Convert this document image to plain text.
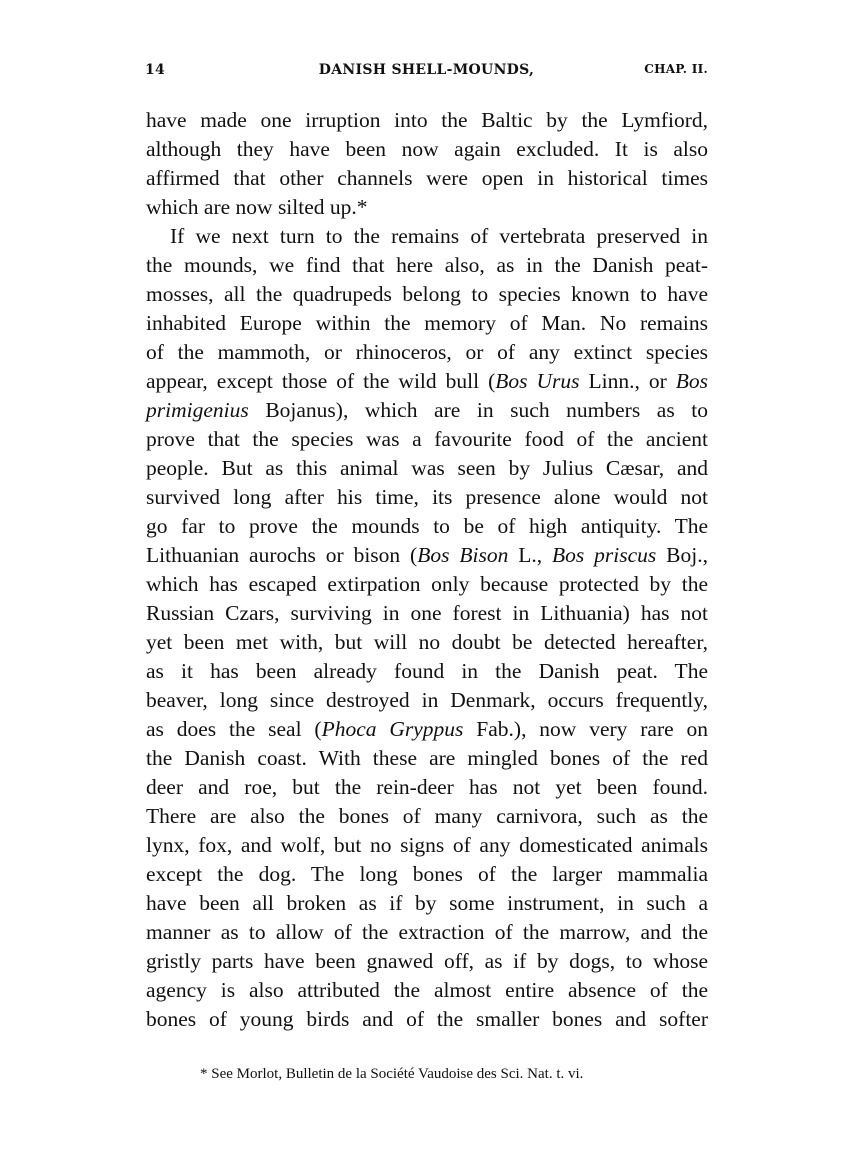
14	DANISH SHELL-MOUNDS,	CHAP. II.
have made one irruption into the Baltic by the Lymfiord,
although they have been now again excluded. It is also
affirmed that other channels were open in historical times
which are now silted up.*
If we next turn to the remains of vertebrata preserved in
the mounds, we find that here also, as in the Danish peat-
mosses, all the quadrupeds belong to species known to have
inhabited Europe within the memory of Man. No remains
of the mammoth, or rhinoceros, or of any extinct species
appear, except those of the wild bull (Bos Urus Linn., or Bos
primigenius Bojanus), which are in such numbers as to
prove that the species was a favourite food of the ancient
people. But as this animal was seen by Julius Cæsar, and
survived long after his time, its presence alone would not
go far to prove the mounds to be of high antiquity. The
Lithuanian aurochs or bison (Bos Bison L., Bos priscus Boj.,
which has escaped extirpation only because protected by the
Russian Czars, surviving in one forest in Lithuania) has not
yet been met with, but will no doubt be detected hereafter,
as it has been already found in the Danish peat. The
beaver, long since destroyed in Denmark, occurs frequently,
as does the seal (Phoca Gryppus Fab.), now very rare on
the Danish coast. With these are mingled bones of the red
deer and roe, but the rein-deer has not yet been found.
There are also the bones of many carnivora, such as the
lynx, fox, and wolf, but no signs of any domesticated animals
except the dog. The long bones of the larger mammalia
have been all broken as if by some instrument, in such a
manner as to allow of the extraction of the marrow, and the
gristly parts have been gnawed off, as if by dogs, to whose
agency is also attributed the almost entire absence of the
bones of young birds and of the smaller bones and softer
* See Morlot, Bulletin de la Société Vaudoise des Sci. Nat. t. vi.
